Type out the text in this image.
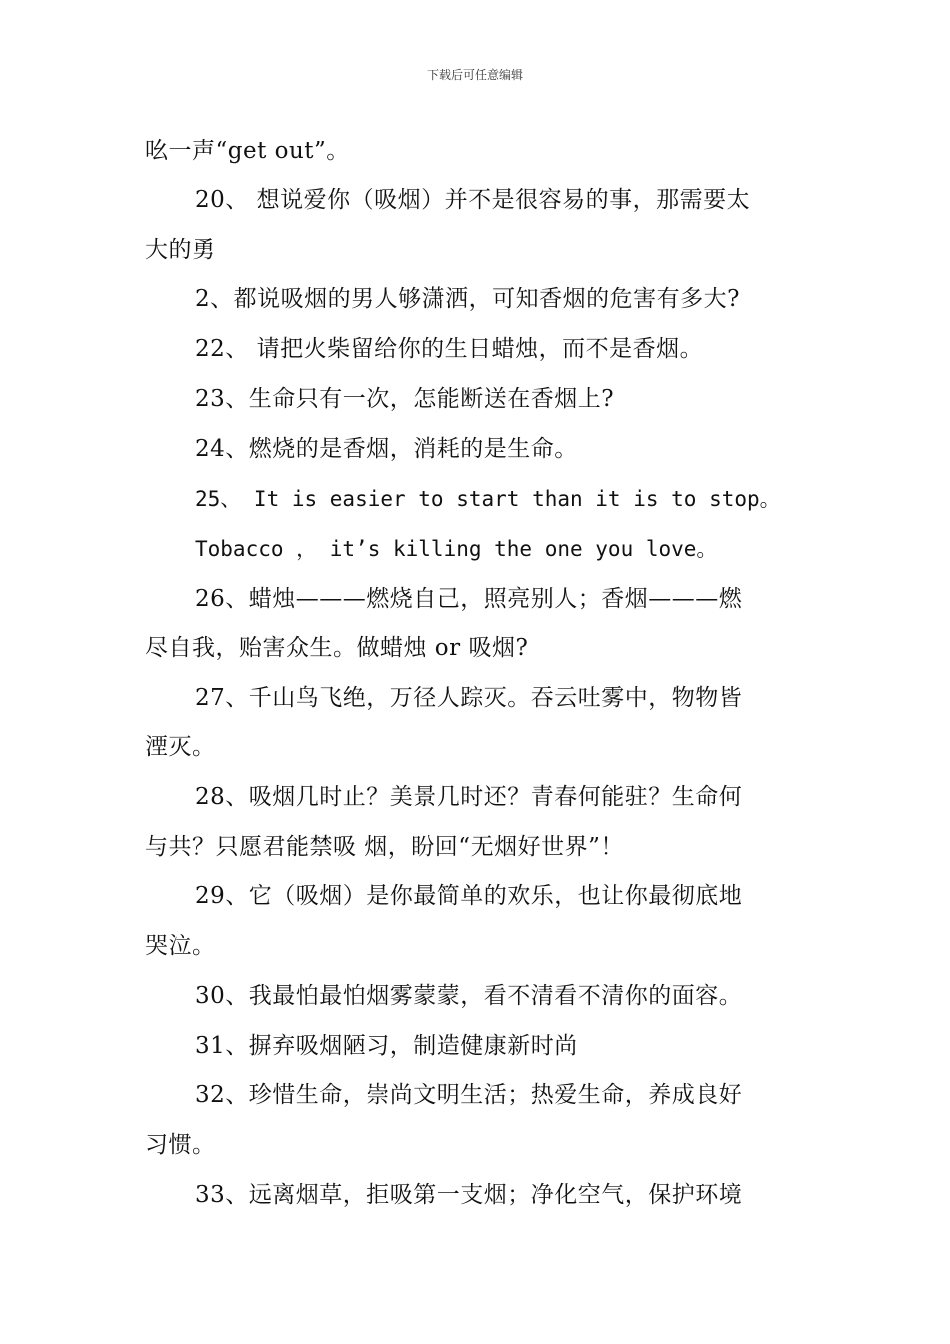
下载后可任意编辑
吆一声“get out”。
20、 想说爱你（吸烟）并不是很容易的事，那需要太
大的勇
2、都说吸烟的男人够潇洒，可知香烟的危害有多大?
22、 请把火柴留给你的生日蜡烛，而不是香烟。
23、生命只有一次，怎能断送在香烟上?
24、燃烧的是香烟，消耗的是生命。
25、 It is easier to start than it is to stop。
Tobacco ， it’s killing the one you love。
26、蜡烛———燃烧自己，照亮别人；香烟———燃
尽自我，贻害众生。做蜡烛 or 吸烟?
27、千山鸟飞绝，万径人踪灭。吞云吐雾中，物物皆
湮灭。
28、吸烟几时止？美景几时还？青春何能驻？生命何
与共？只愿君能禁吸 烟，盼回“无烟好世界”！
29、它（吸烟）是你最简单的欢乐，也让你最彻底地
哭泣。
30、我最怕最怕烟雾蒙蒙，看不清看不清你的面容。
31、摒弃吸烟陋习，制造健康新时尚
32、珍惜生命，崇尚文明生活；热爱生命，养成良好
习惯。
33、远离烟草，拒吸第一支烟；净化空气，保护环境
